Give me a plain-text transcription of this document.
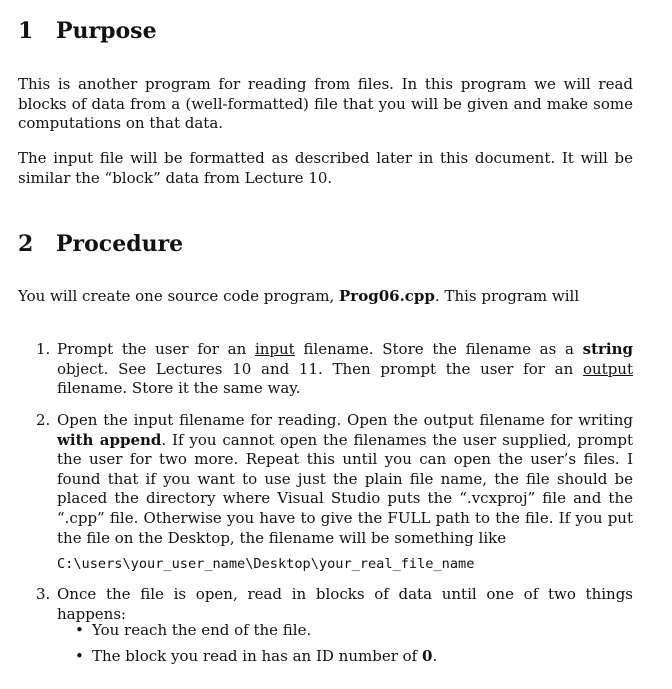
1 Purpose

This is another program for reading from files. In this program we will read blocks of data from a (well-formatted) file that you will be given and make some computations on that data.

The input file will be formatted as described later in this document. It will be similar the “block” data from Lecture 10.

2 Procedure

You will create one source code program, Prog06.cpp. This program will

1. Prompt the user for an input filename. Store the filename as a string object. See Lectures 10 and 11. Then prompt the user for an output filename. Store it the same way.
2. Open the input filename for reading. Open the output filename for writing with append. If you cannot open the filenames the user supplied, prompt the user for two more. Repeat this until you can open the user’s files. I found that if you want to use just the plain file name, the file should be placed the directory where Visual Studio puts the “.vcxproj” file and the “.cpp” file. Otherwise you have to give the FULL path to the file. If you put the file on the Desktop, the filename will be something like
C:\users\your_user_name\Desktop\your_real_file_name
3. Once the file is open, read in blocks of data until one of two things happens:
• You reach the end of the file.
• The block you read in has an ID number of 0.
